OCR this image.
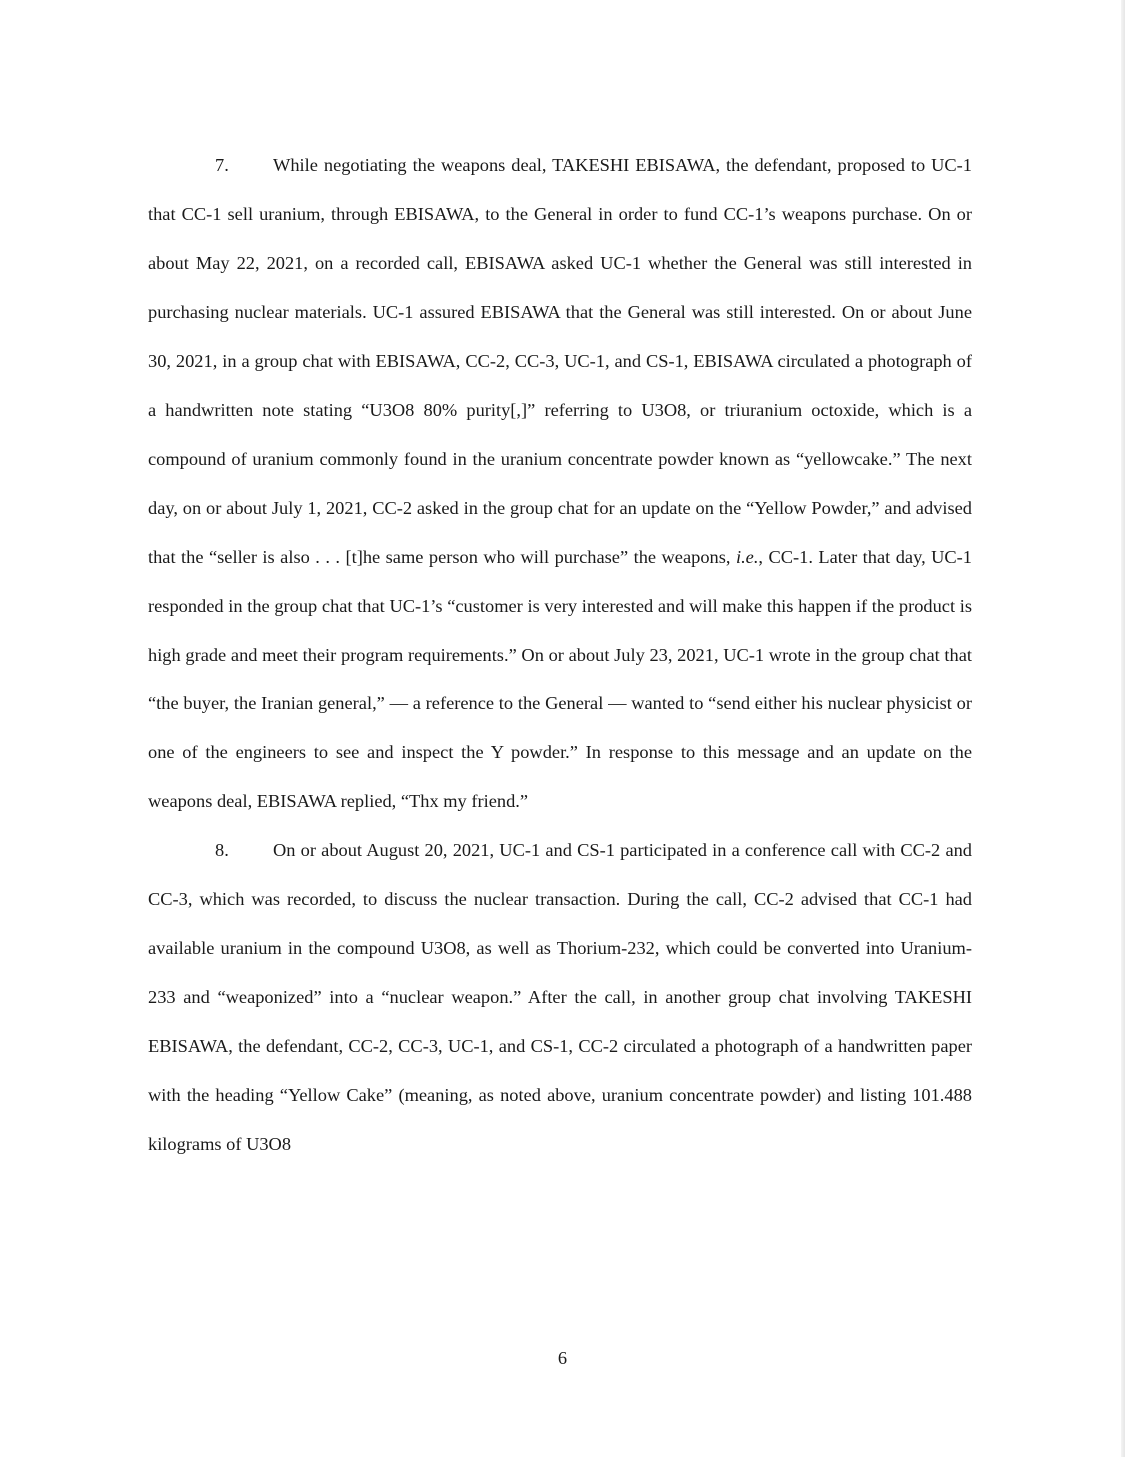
7. While negotiating the weapons deal, TAKESHI EBISAWA, the defendant, proposed to UC-1 that CC-1 sell uranium, through EBISAWA, to the General in order to fund CC-1’s weapons purchase. On or about May 22, 2021, on a recorded call, EBISAWA asked UC-1 whether the General was still interested in purchasing nuclear materials. UC-1 assured EBISAWA that the General was still interested. On or about June 30, 2021, in a group chat with EBISAWA, CC-2, CC-3, UC-1, and CS-1, EBISAWA circulated a photograph of a handwritten note stating “U3O8 80% purity[,]” referring to U3O8, or triuranium octoxide, which is a compound of uranium commonly found in the uranium concentrate powder known as “yellowcake.” The next day, on or about July 1, 2021, CC-2 asked in the group chat for an update on the “Yellow Powder,” and advised that the “seller is also . . . [t]he same person who will purchase” the weapons, i.e., CC-1. Later that day, UC-1 responded in the group chat that UC-1’s “customer is very interested and will make this happen if the product is high grade and meet their program requirements.” On or about July 23, 2021, UC-1 wrote in the group chat that “the buyer, the Iranian general,” — a reference to the General — wanted to “send either his nuclear physicist or one of the engineers to see and inspect the Y powder.” In response to this message and an update on the weapons deal, EBISAWA replied, “Thx my friend.”

8. On or about August 20, 2021, UC-1 and CS-1 participated in a conference call with CC-2 and CC-3, which was recorded, to discuss the nuclear transaction. During the call, CC-2 advised that CC-1 had available uranium in the compound U3O8, as well as Thorium-232, which could be converted into Uranium-233 and “weaponized” into a “nuclear weapon.” After the call, in another group chat involving TAKESHI EBISAWA, the defendant, CC-2, CC-3, UC-1, and CS-1, CC-2 circulated a photograph of a handwritten paper with the heading “Yellow Cake” (meaning, as noted above, uranium concentrate powder) and listing 101.488 kilograms of U3O8

6
